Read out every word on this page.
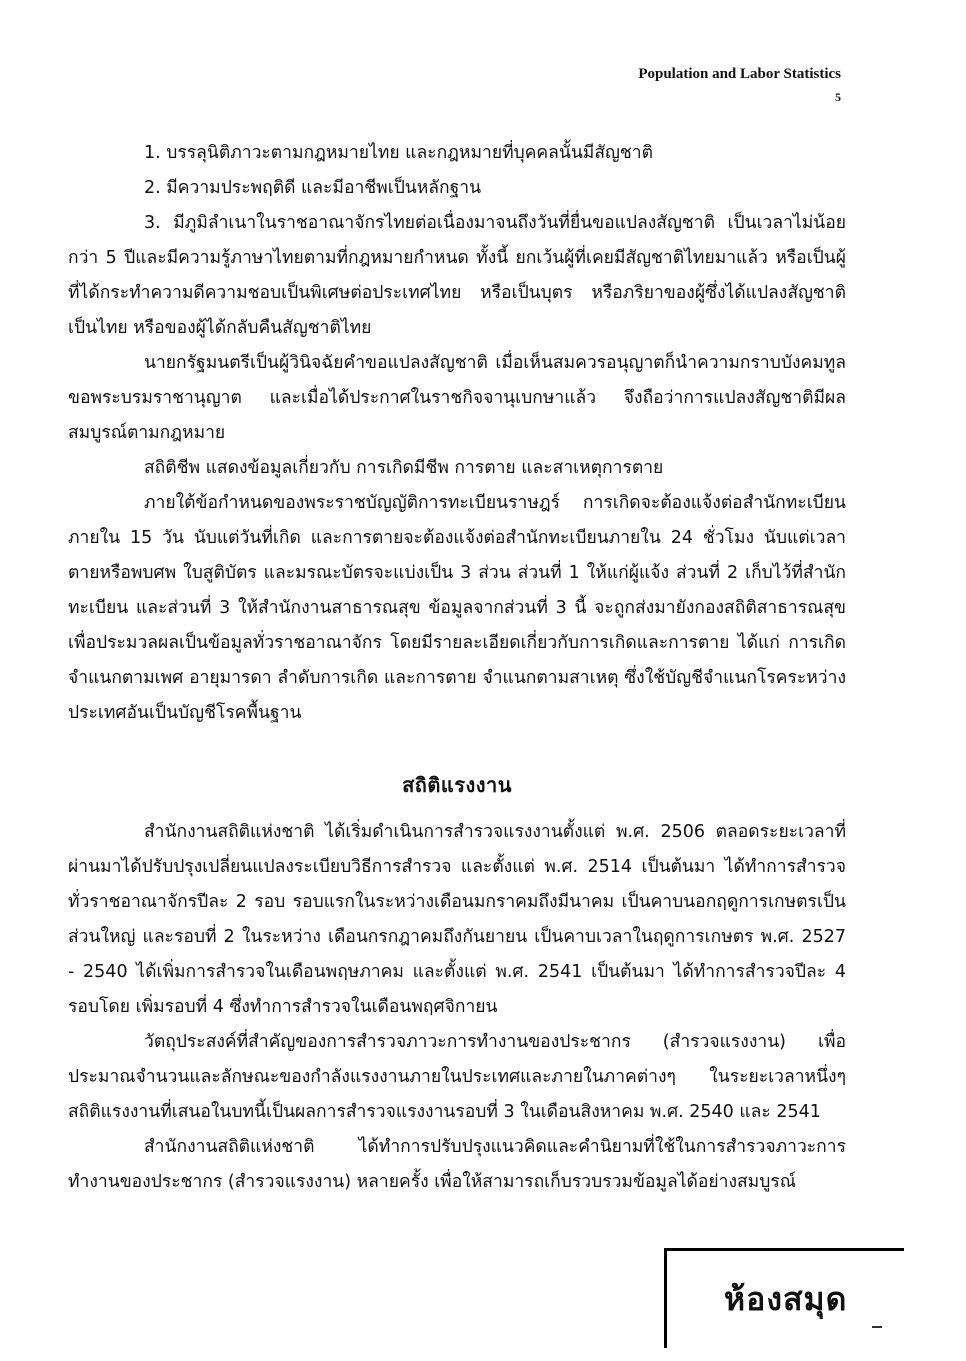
Population and Labor Statistics
5

1. บรรลุนิติภาวะตามกฎหมายไทย และกฎหมายที่บุคคลนั้นมีสัญชาติ

2. มีความประพฤติดี และมีอาชีพเป็นหลักฐาน

3. มีภูมิลำเนาในราชอาณาจักรไทยต่อเนื่องมาจนถึงวันที่ยื่นขอแปลงสัญชาติ เป็นเวลาไม่น้อยกว่า 5 ปีและมีความรู้ภาษาไทยตามที่กฎหมายกำหนด ทั้งนี้ ยกเว้นผู้ที่เคยมีสัญชาติไทยมาแล้ว หรือเป็นผู้ที่ได้กระทำความดีความชอบเป็นพิเศษต่อประเทศไทย หรือเป็นบุตร หรือภริยาของผู้ซึ่งได้แปลงสัญชาติเป็นไทย หรือของผู้ได้กลับคืนสัญชาติไทย

นายกรัฐมนตรีเป็นผู้วินิจฉัยคำขอแปลงสัญชาติ เมื่อเห็นสมควรอนุญาตก็นำความกราบบังคมทูลขอพระบรมราชานุญาต และเมื่อได้ประกาศในราชกิจจานุเบกษาแล้ว จึงถือว่าการแปลงสัญชาติมีผลสมบูรณ์ตามกฎหมาย

สถิติชีพ แสดงข้อมูลเกี่ยวกับ การเกิดมีชีพ การตาย และสาเหตุการตาย

ภายใต้ข้อกำหนดของพระราชบัญญัติการทะเบียนราษฎร์ การเกิดจะต้องแจ้งต่อสำนักทะเบียนภายใน 15 วัน นับแต่วันที่เกิด และการตายจะต้องแจ้งต่อสำนักทะเบียนภายใน 24 ชั่วโมง นับแต่เวลาตายหรือพบศพ ใบสูติบัตร และมรณะบัตรจะแบ่งเป็น 3 ส่วน ส่วนที่ 1 ให้แก่ผู้แจ้ง ส่วนที่ 2 เก็บไว้ที่สำนักทะเบียน และส่วนที่ 3 ให้สำนักงานสาธารณสุข ข้อมูลจากส่วนที่ 3 นี้ จะถูกส่งมายังกองสถิติสาธารณสุขเพื่อประมวลผลเป็นข้อมูลทั่วราชอาณาจักร โดยมีรายละเอียดเกี่ยวกับการเกิดและการตาย ได้แก่ การเกิดจำแนกตามเพศ อายุมารดา ลำดับการเกิด และการตาย จำแนกตามสาเหตุ ซึ่งใช้บัญชีจำแนกโรคระหว่างประเทศอันเป็นบัญชีโรคพื้นฐาน

สถิติแรงงาน

สำนักงานสถิติแห่งชาติ ได้เริ่มดำเนินการสำรวจแรงงานตั้งแต่ พ.ศ. 2506 ตลอดระยะเวลาที่ผ่านมาได้ปรับปรุงเปลี่ยนแปลงระเบียบวิธีการสำรวจ และตั้งแต่ พ.ศ. 2514 เป็นต้นมา ได้ทำการสำรวจทั่วราชอาณาจักรปีละ 2 รอบ รอบแรกในระหว่างเดือนมกราคมถึงมีนาคม เป็นคาบนอกฤดูการเกษตรเป็นส่วนใหญ่ และรอบที่ 2 ในระหว่าง เดือนกรกฎาคมถึงกันยายน เป็นคาบเวลาในฤดูการเกษตร พ.ศ. 2527 - 2540 ได้เพิ่มการสำรวจในเดือนพฤษภาคม และตั้งแต่ พ.ศ. 2541 เป็นต้นมา ได้ทำการสำรวจปีละ 4 รอบโดย เพิ่มรอบที่ 4 ซึ่งทำการสำรวจในเดือนพฤศจิกายน

วัตถุประสงค์ที่สำคัญของการสำรวจภาวะการทำงานของประชากร (สำรวจแรงงาน) เพื่อประมาณจำนวนและลักษณะของกำลังแรงงานภายในประเทศและภายในภาคต่างๆ ในระยะเวลาหนึ่งๆ สถิติแรงงานที่เสนอในบทนี้เป็นผลการสำรวจแรงงานรอบที่ 3 ในเดือนสิงหาคม พ.ศ. 2540 และ 2541

สำนักงานสถิติแห่งชาติ ได้ทำการปรับปรุงแนวคิดและคำนิยามที่ใช้ในการสำรวจภาวะการทำงานของประชากร (สำรวจแรงงาน) หลายครั้ง เพื่อให้สามารถเก็บรวบรวมข้อมูลได้อย่างสมบูรณ์

ห้องสมุด
